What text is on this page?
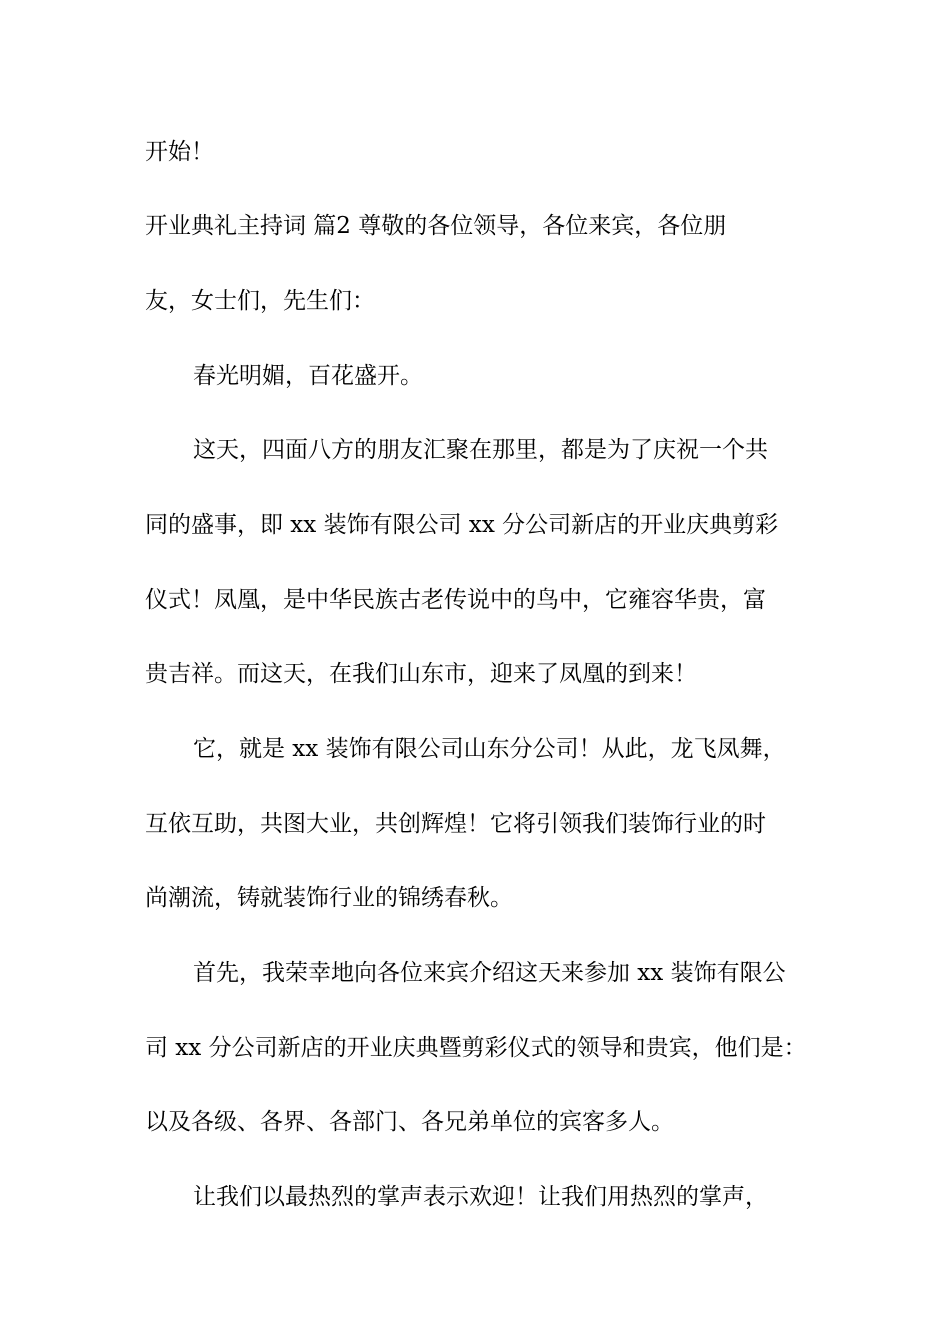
开始！

开业典礼主持词 篇2 尊敬的各位领导，各位来宾，各位朋

友，女士们，先生们：

春光明媚，百花盛开。

这天，四面八方的朋友汇聚在那里，都是为了庆祝一个共

同的盛事，即 xx 装饰有限公司 xx 分公司新店的开业庆典剪彩

仪式！凤凰，是中华民族古老传说中的鸟中，它雍容华贵，富

贵吉祥。而这天，在我们山东市，迎来了凤凰的到来！

它，就是 xx 装饰有限公司山东分公司！从此，龙飞凤舞，

互依互助，共图大业，共创辉煌！它将引领我们装饰行业的时

尚潮流，铸就装饰行业的锦绣春秋。

首先，我荣幸地向各位来宾介绍这天来参加 xx 装饰有限公

司 xx 分公司新店的开业庆典暨剪彩仪式的领导和贵宾，他们是：

以及各级、各界、各部门、各兄弟单位的宾客多人。

让我们以最热烈的掌声表示欢迎！让我们用热烈的掌声，
